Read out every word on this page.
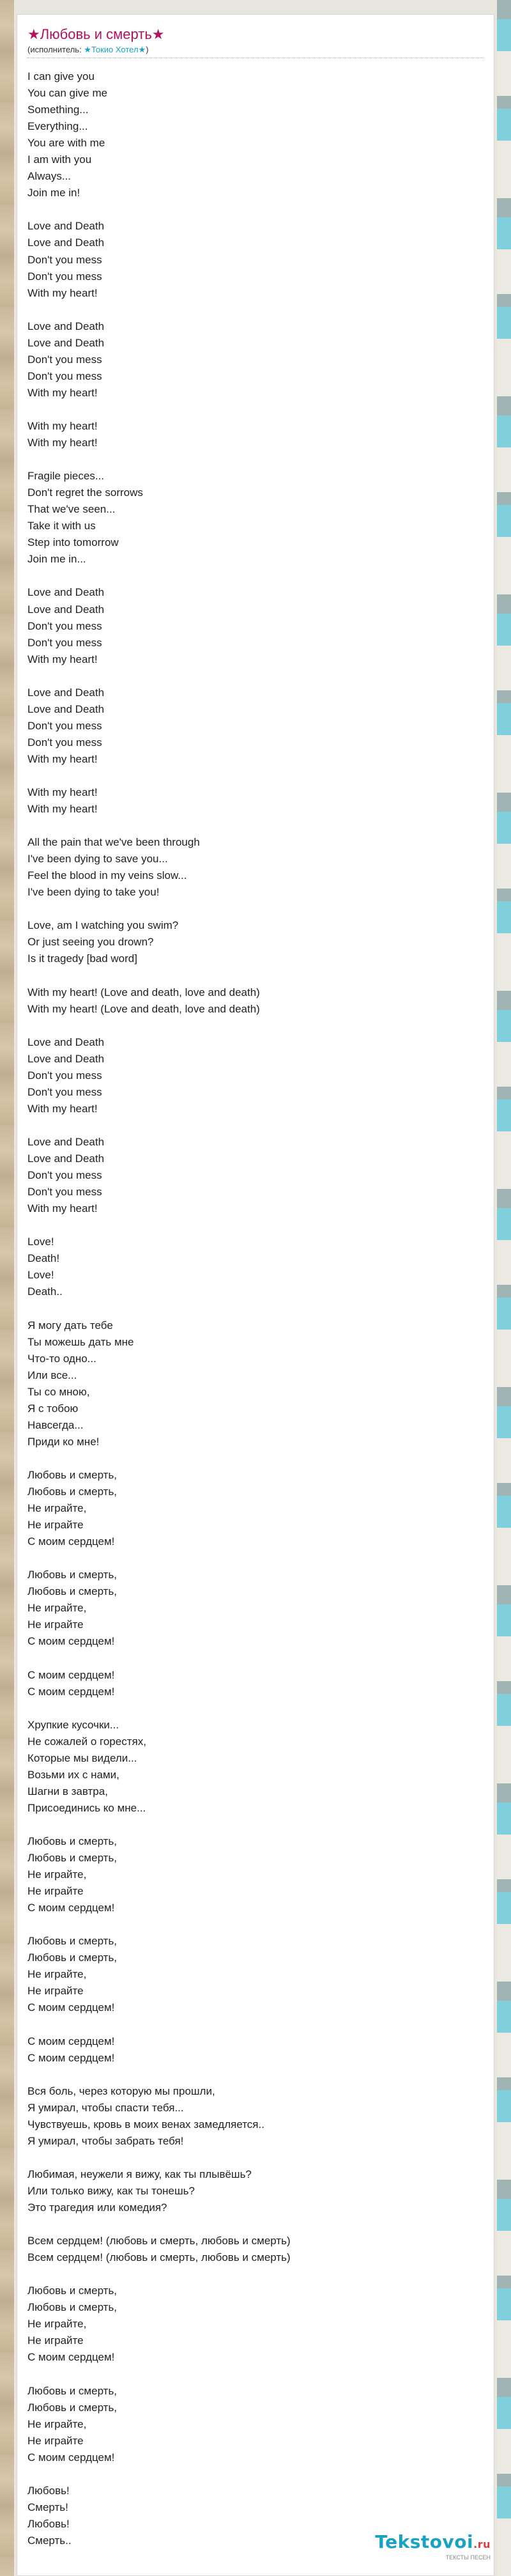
★Любовь и смерть★
(исполнитель: ★Токио Хотел★)
I can give you
You can give me
Something...
Everything...
You are with me
I am with you
Always...
Join me in!

Love and Death
Love and Death
Don't you mess
Don't you mess
With my heart!

Love and Death
Love and Death
Don't you mess
Don't you mess
With my heart!

With my heart!
With my heart!

Fragile pieces...
Don't regret the sorrows
That we've seen...
Take it with us
Step into tomorrow
Join me in...

Love and Death
Love and Death
Don't you mess
Don't you mess
With my heart!

Love and Death
Love and Death
Don't you mess
Don't you mess
With my heart!

With my heart!
With my heart!

All the pain that we've been through
I've been dying to save you...
Feel the blood in my veins slow...
I've been dying to take you!

Love, am I watching you swim?
Or just seeing you drown?
Is it tragedy [bad word]

With my heart! (Love and death, love and death)
With my heart! (Love and death, love and death)

Love and Death
Love and Death
Don't you mess
Don't you mess
With my heart!

Love and Death
Love and Death
Don't you mess
Don't you mess
With my heart!

Love!
Death!
Love!
Death..

Я могу дать тебе
Ты можешь дать мне
Что-то одно...
Или все...
Ты со мною,
Я с тобою
Навсегда...
Приди ко мне!

Любовь и смерть,
Любовь и смерть,
Не играйте,
Не играйте
С моим сердцем!

Любовь и смерть,
Любовь и смерть,
Не играйте,
Не играйте
С моим сердцем!

С моим сердцем!
С моим сердцем!

Хрупкие кусочки...
Не сожалей о горестях,
Которые мы видели...
Возьми их с нами,
Шагни в завтра,
Присоединись ко мне...

Любовь и смерть,
Любовь и смерть,
Не играйте,
Не играйте
С моим сердцем!

Любовь и смерть,
Любовь и смерть,
Не играйте,
Не играйте
С моим сердцем!

С моим сердцем!
С моим сердцем!

Вся боль, через которую мы прошли,
Я умирал, чтобы спасти тебя...
Чувствуешь, кровь в моих венах замедляется..
Я умирал, чтобы забрать тебя!

Любимая, неужели я вижу, как ты плывёшь?
Или только вижу, как ты тонешь?
Это трагедия или комедия?

Всем сердцем! (любовь и смерть, любовь и смерть)
Всем сердцем! (любовь и смерть, любовь и смерть)

Любовь и смерть,
Любовь и смерть,
Не играйте,
Не играйте
С моим сердцем!

Любовь и смерть,
Любовь и смерть,
Не играйте,
Не играйте
С моим сердцем!

Любовь!
Смерть!
Любовь!
Смерть..	Tekstovoi.ru
ТЕКСТЫ ПЕСЕН
